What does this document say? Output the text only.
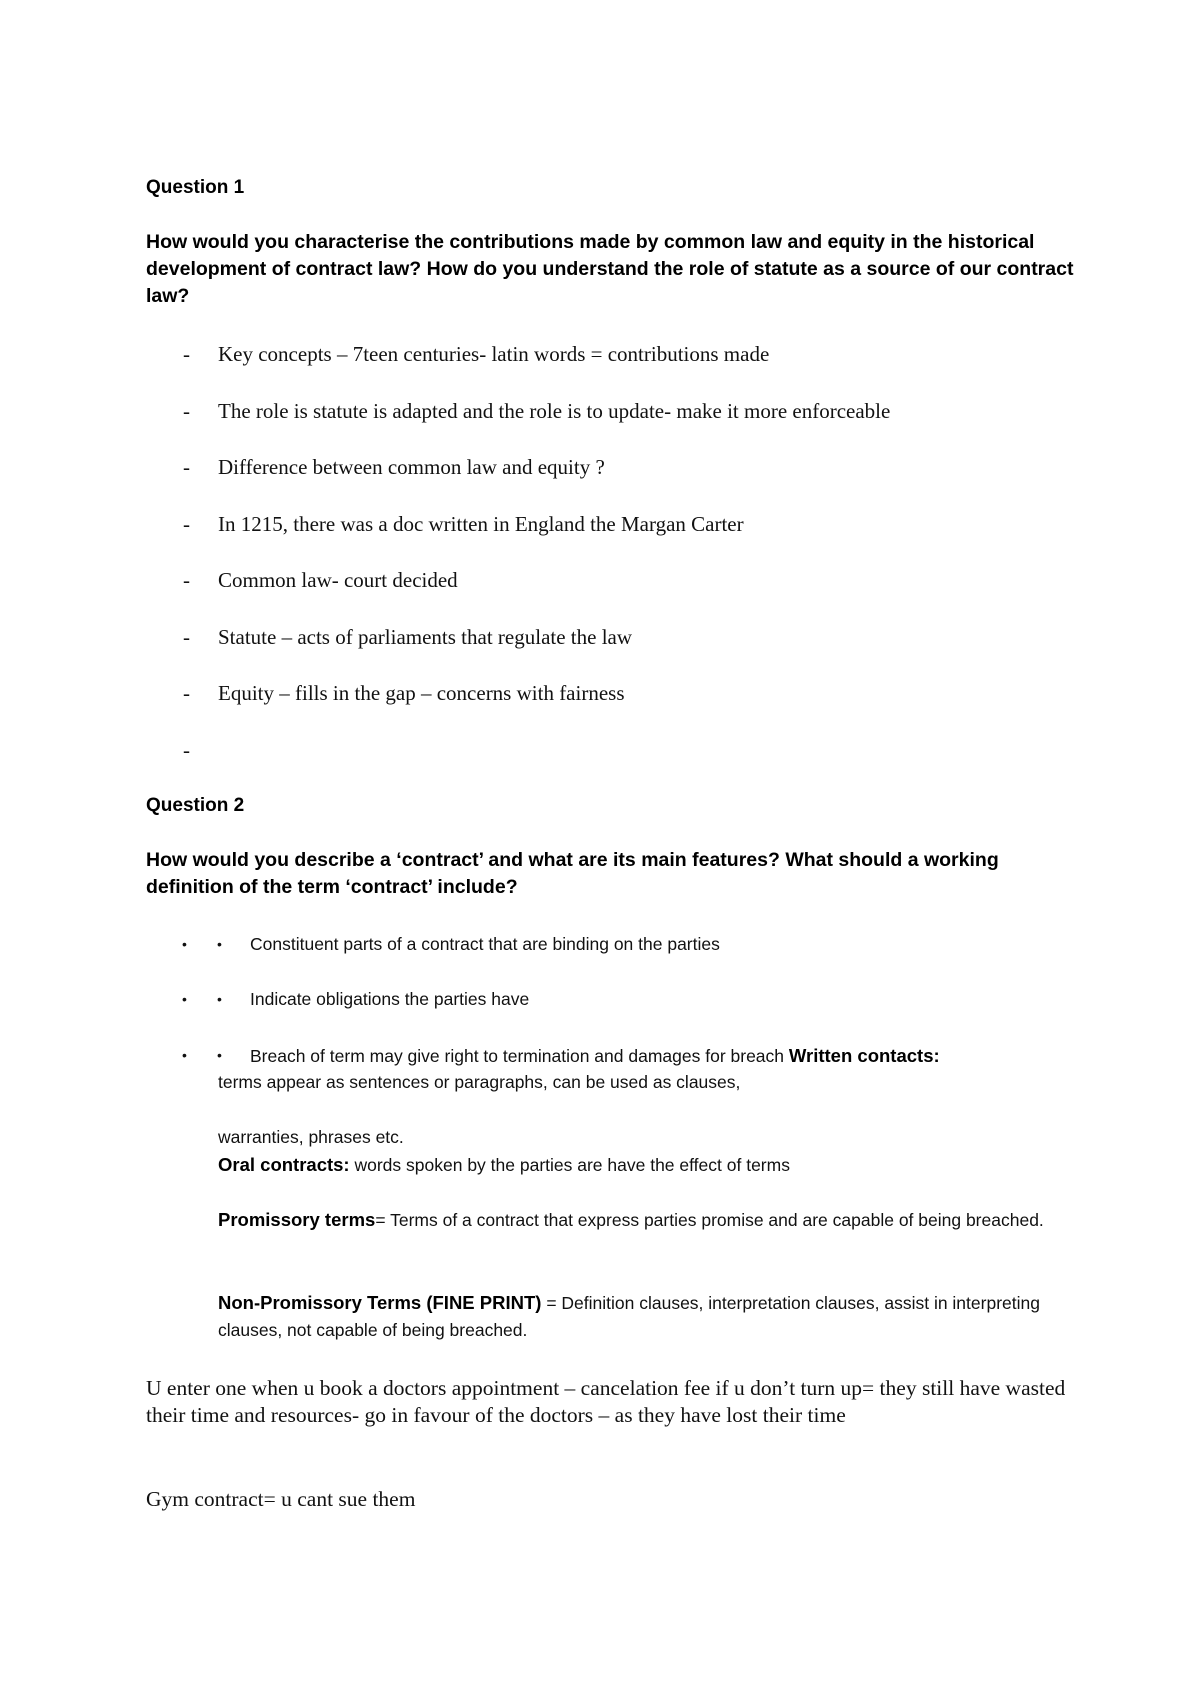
Question 1

How would you characterise the contributions made by common law and equity in the historical development of contract law? How do you understand the role of statute as a source of our contract law?

-	Key concepts – 7teen centuries- latin words = contributions made
-	The role is statute is adapted and the role is to update- make it more enforceable
-	Difference between common law and equity ?
-	In 1215, there was a doc written in England the Margan Carter
-	Common law- court decided
-	Statute – acts of parliaments that regulate the law
-	Equity – fills in the gap – concerns with fairness
-
Question 2

How would you describe a ‘contract’ and what are its main features? What should a working definition of the term ‘contract’ include?

• • Constituent parts of a contract that are binding on the parties
• • Indicate obligations the parties have
• • Breach of term may give right to termination and damages for breach Written contacts:

terms appear as sentences or paragraphs, can be used as clauses,

warranties, phrases etc.

Oral contracts: words spoken by the parties are have the effect of terms

Promissory terms= Terms of a contract that express parties promise and are capable of being breached.

Non-Promissory Terms (FINE PRINT) = Definition clauses, interpretation clauses, assist in interpreting clauses, not capable of being breached.

U enter one when u book a doctors appointment – cancelation fee if u don’t turn up= they still have wasted their time and resources- go in favour of the doctors – as they have lost their time

Gym contract= u cant sue them
